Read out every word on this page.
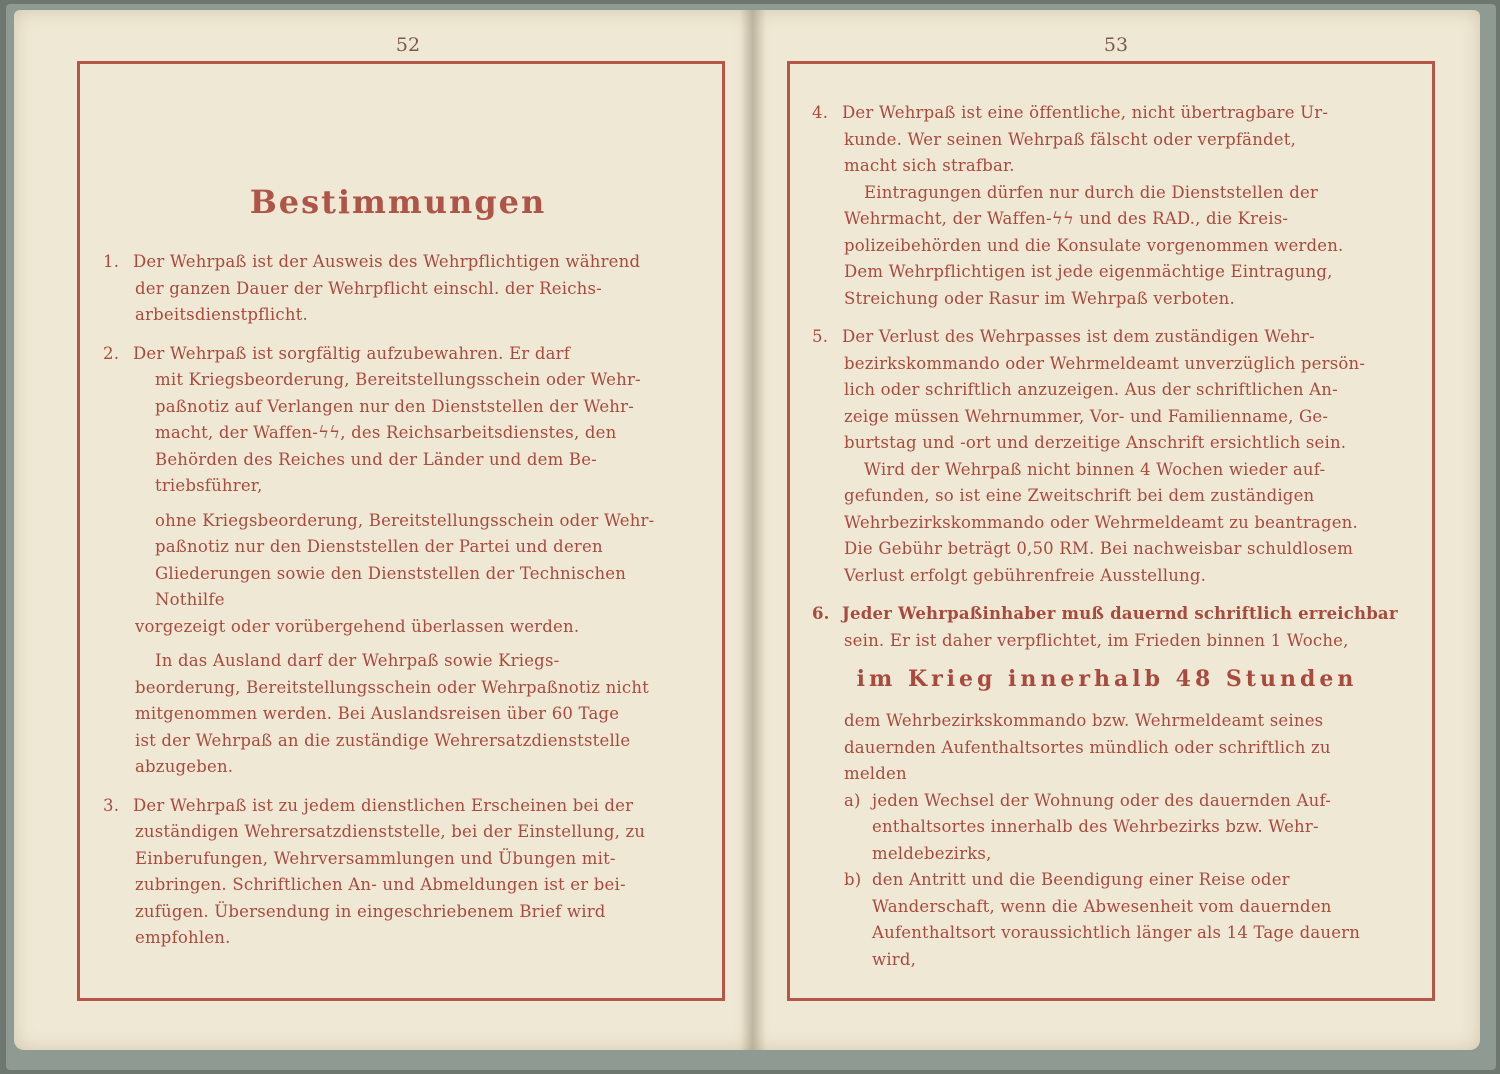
52	53
Bestimmungen
1. Der Wehrpaß ist der Ausweis des Wehrpflichtigen während
der ganzen Dauer der Wehrpflicht einschl. der Reichs-
arbeitsdienstpflicht.
2. Der Wehrpaß ist sorgfältig aufzubewahren. Er darf
mit Kriegsbeorderung, Bereitstellungsschein oder Wehr-
paßnotiz auf Verlangen nur den Dienststellen der Wehr-
macht, der Waffen-ϟϟ, des Reichsarbeitsdienstes, den
Behörden des Reiches und der Länder und dem Be-
triebsführer,
ohne Kriegsbeorderung, Bereitstellungsschein oder Wehr-
paßnotiz nur den Dienststellen der Partei und deren
Gliederungen sowie den Dienststellen der Technischen
Nothilfe
vorgezeigt oder vorübergehend überlassen werden.
In das Ausland darf der Wehrpaß sowie Kriegs-
beorderung, Bereitstellungsschein oder Wehrpaßnotiz nicht
mitgenommen werden. Bei Auslandsreisen über 60 Tage
ist der Wehrpaß an die zuständige Wehrersatzdienststelle
abzugeben.
3. Der Wehrpaß ist zu jedem dienstlichen Erscheinen bei der
zuständigen Wehrersatzdienststelle, bei der Einstellung, zu
Einberufungen, Wehrversammlungen und Übungen mit-
zubringen. Schriftlichen An- und Abmeldungen ist er bei-
zufügen. Übersendung in eingeschriebenem Brief wird
empfohlen.
4. Der Wehrpaß ist eine öffentliche, nicht übertragbare Ur-
kunde. Wer seinen Wehrpaß fälscht oder verpfändet,
macht sich strafbar.
Eintragungen dürfen nur durch die Dienststellen der
Wehrmacht, der Waffen-ϟϟ und des RAD., die Kreis-
polizeibehörden und die Konsulate vorgenommen werden.
Dem Wehrpflichtigen ist jede eigenmächtige Eintragung,
Streichung oder Rasur im Wehrpaß verboten.
5. Der Verlust des Wehrpasses ist dem zuständigen Wehr-
bezirkskommando oder Wehrmeldeamt unverzüglich persön-
lich oder schriftlich anzuzeigen. Aus der schriftlichen An-
zeige müssen Wehrnummer, Vor- und Familienname, Ge-
burtstag und -ort und derzeitige Anschrift ersichtlich sein.
Wird der Wehrpaß nicht binnen 4 Wochen wieder auf-
gefunden, so ist eine Zweitschrift bei dem zuständigen
Wehrbezirkskommando oder Wehrmeldeamt zu beantragen.
Die Gebühr beträgt 0,50 RM. Bei nachweisbar schuldlosem
Verlust erfolgt gebührenfreie Ausstellung.
6. Jeder Wehrpaßinhaber muß dauernd schriftlich erreichbar
sein. Er ist daher verpflichtet, im Frieden binnen 1 Woche,
im Krieg innerhalb 48 Stunden
dem Wehrbezirkskommando bzw. Wehrmeldeamt seines
dauernden Aufenthaltsortes mündlich oder schriftlich zu
melden
a) jeden Wechsel der Wohnung oder des dauernden Auf-
enthaltsortes innerhalb des Wehrbezirks bzw. Wehr-
meldebezirks,
b) den Antritt und die Beendigung einer Reise oder
Wanderschaft, wenn die Abwesenheit vom dauernden
Aufenthaltsort voraussichtlich länger als 14 Tage dauern
wird,
